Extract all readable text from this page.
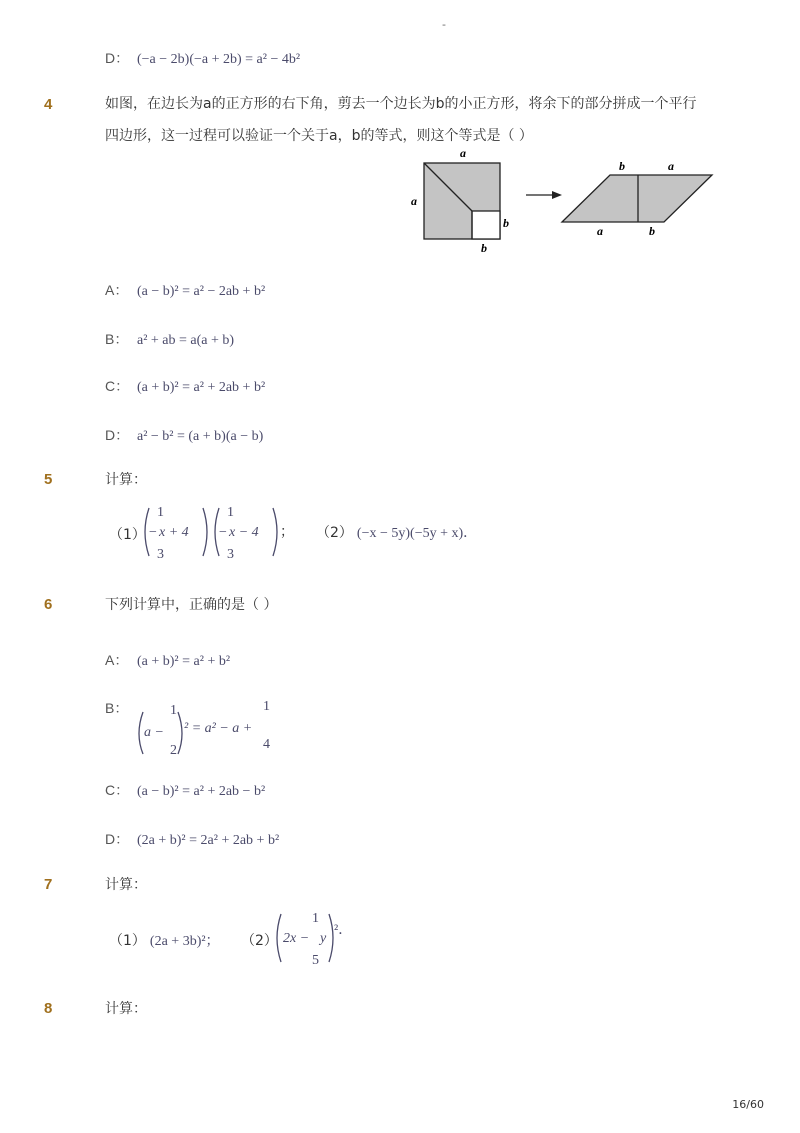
-
D： (−a − 2b)(−a + 2b) = a² − 4b²
4	如图，在边长为a的正方形的右下角，剪去一个边长为b的小正方形，将余下的部分拼成一个平行
四边形，这一过程可以验证一个关于a，b的等式，则这个等式是（ ）
a
a
b
b
b	a
a	b
A： (a − b)² = a² − 2ab + b²
B： a² + ab = a(a + b)
C： (a + b)² = a² + 2ab + b²
D： a² − b² = (a + b)(a − b)
5	计算：
（1）
1
− x + 4
3
1
− x − 4
3
； （2） (−x − 5y)(−5y + x)．
6	下列计算中，正确的是（ ）
A： (a + b)² = a² + b²
B：
a −
1
2
² = a² − a +
1
4
C： (a − b)² = a² + 2ab − b²
D： (2a + b)² = 2a² + 2ab + b²
7	计算：
（1） (2a + 3b)²； （2） 2x −
1
y
5
²．
8	计算：
16/60
